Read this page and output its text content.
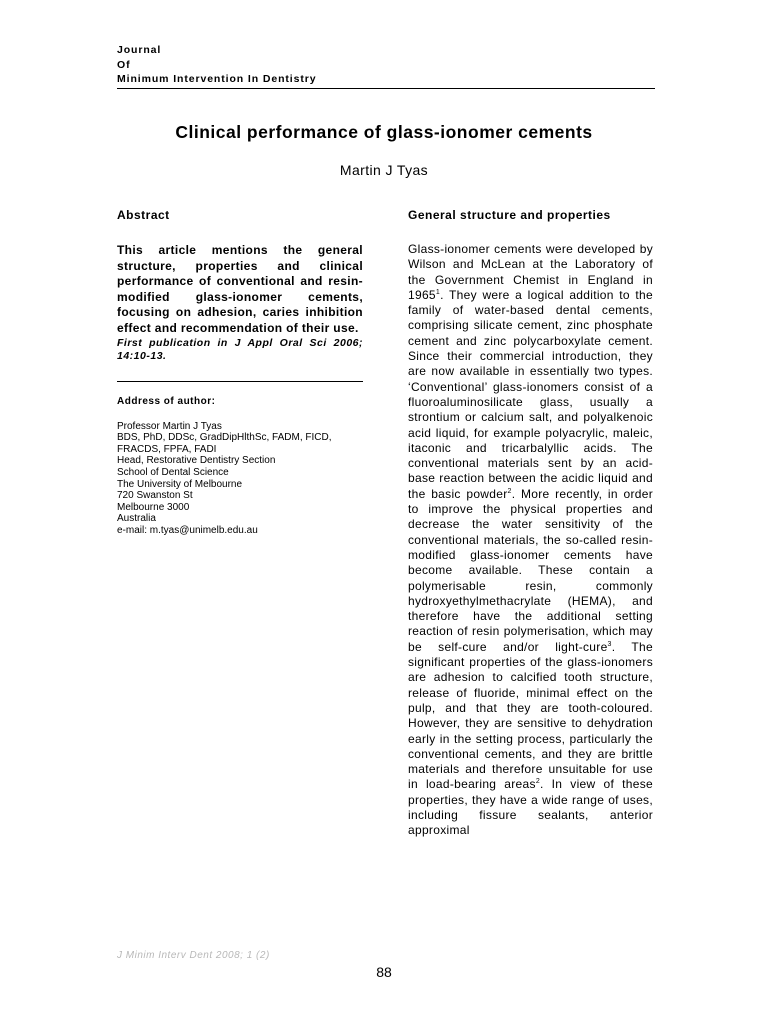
Journal
Of
Minimum Intervention In Dentistry
Clinical performance of glass-ionomer cements
Martin J Tyas
Abstract
This article mentions the general structure, properties and clinical performance of conventional and resin-modified glass-ionomer cements, focusing on adhesion, caries inhibition effect and recommendation of their use.
First publication in J Appl Oral Sci 2006; 14:10-13.
Address of author:
Professor Martin J Tyas
BDS, PhD, DDSc, GradDipHlthSc, FADM, FICD,
FRACDS, FPFA, FADI
Head, Restorative Dentistry Section
School of Dental Science
The University of Melbourne
720 Swanston St
Melbourne 3000
Australia
e-mail: m.tyas@unimelb.edu.au
General structure and properties

Glass-ionomer cements were developed by Wilson and McLean at the Laboratory of the Government Chemist in England in 1965$^1$. They were a logical addition to the family of water-based dental cements, comprising silicate cement, zinc phosphate cement and zinc polycarboxylate cement. Since their commercial introduction, they are now available in essentially two types. ‘Conventional’ glass-ionomers consist of a fluoroaluminosilicate glass, usually a strontium or calcium salt, and polyalkenoic acid liquid, for example polyacrylic, maleic, itaconic and tricarbalyllic acids. The conventional materials sent by an acid-base reaction between the acidic liquid and the basic powder$^2$. More recently, in order to improve the physical properties and decrease the water sensitivity of the conventional materials, the so-called resin-modified glass-ionomer cements have become available. These contain a polymerisable resin, commonly hydroxyethylmethacrylate (HEMA), and therefore have the additional setting reaction of resin polymerisation, which may be self-cure and/or light-cure$^3$. The significant properties of the glass-ionomers are adhesion to calcified tooth structure, release of fluoride, minimal effect on the pulp, and that they are tooth-coloured. However, they are sensitive to dehydration early in the setting process, particularly the conventional cements, and they are brittle materials and therefore unsuitable for use in load-bearing areas$^2$. In view of these properties, they have a wide range of uses, including fissure sealants, anterior approximal

J Minim Interv Dent 2008; 1 (2)
88
